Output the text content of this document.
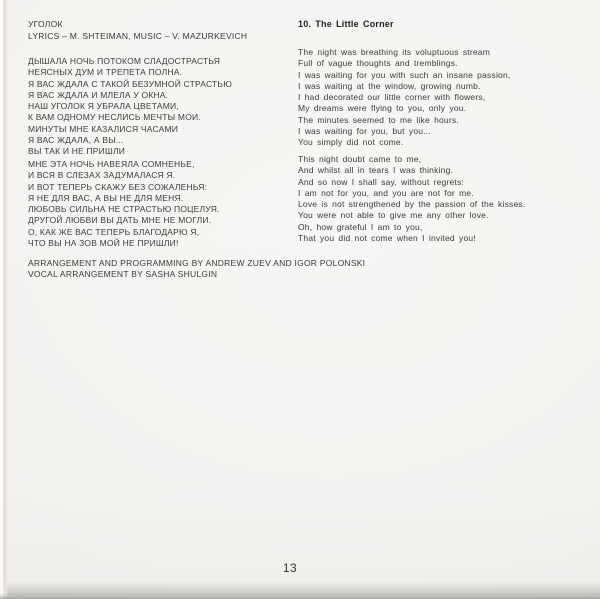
УГОЛОК
LYRICS – M. SHTEIMAN, MUSIC – V. MAZURKEVICH
ДЫШАЛА НОЧЬ ПОТОКОМ СЛАДОСТРАСТЬЯ
НЕЯСНЫХ ДУМ И ТРЕПЕТА ПОЛНА.
Я ВАС ЖДАЛА С ТАКОЙ БЕЗУМНОЙ СТРАСТЬЮ
Я ВАС ЖДАЛА И МЛЕЛА У ОКНА.
НАШ УГОЛОК Я УБРАЛА ЦВЕТАМИ,
К ВАМ ОДНОМУ НЕСЛИСЬ МЕЧТЫ МОИ.
МИНУТЫ МНЕ КАЗАЛИСЯ ЧАСАМИ
Я ВАС ЖДАЛА, А ВЫ...
ВЫ ТАК И НЕ ПРИШЛИ
МНЕ ЭТА НОЧЬ НАВЕЯЛА СОМНЕНЬЕ,
И ВСЯ В СЛЕЗАХ ЗАДУМАЛАСЯ Я.
И ВОТ ТЕПЕРЬ СКАЖУ БЕЗ СОЖАЛЕНЬЯ:
Я НЕ ДЛЯ ВАС, А ВЫ НЕ ДЛЯ МЕНЯ.
ЛЮБОВЬ СИЛЬНА НЕ СТРАСТЬЮ ПОЦЕЛУЯ.
ДРУГОЙ ЛЮБВИ ВЫ ДАТЬ МНЕ НЕ МОГЛИ.
О, КАК ЖЕ ВАС ТЕПЕРЬ БЛАГОДАРЮ Я,
ЧТО ВЫ НА ЗОВ МОЙ НЕ ПРИШЛИ!
ARRANGEMENT AND PROGRAMMING BY ANDREW ZUEV AND IGOR POLONSKI
VOCAL ARRANGEMENT BY SASHA SHULGIN
10. The Little Corner
The night was breathing its voluptuous stream
Full of vague thoughts and tremblings.
I was waiting for you with such an insane passion,
I was waiting at the window, growing numb.
I had decorated our little corner with flowers,
My dreams were flying to you, only you.
The minutes seemed to me like hours.
I was waiting for you, but you...
You simply did not come.
This night doubt came to me,
And whilst all in tears I was thinking.
And so now I shall say, without regrets:
I am not for you, and you are not for me.
Love is not strengthened by the passion of the kisses.
You were not able to give me any other love.
Oh, how grateful I am to you,
That you did not come when I invited you!
13
